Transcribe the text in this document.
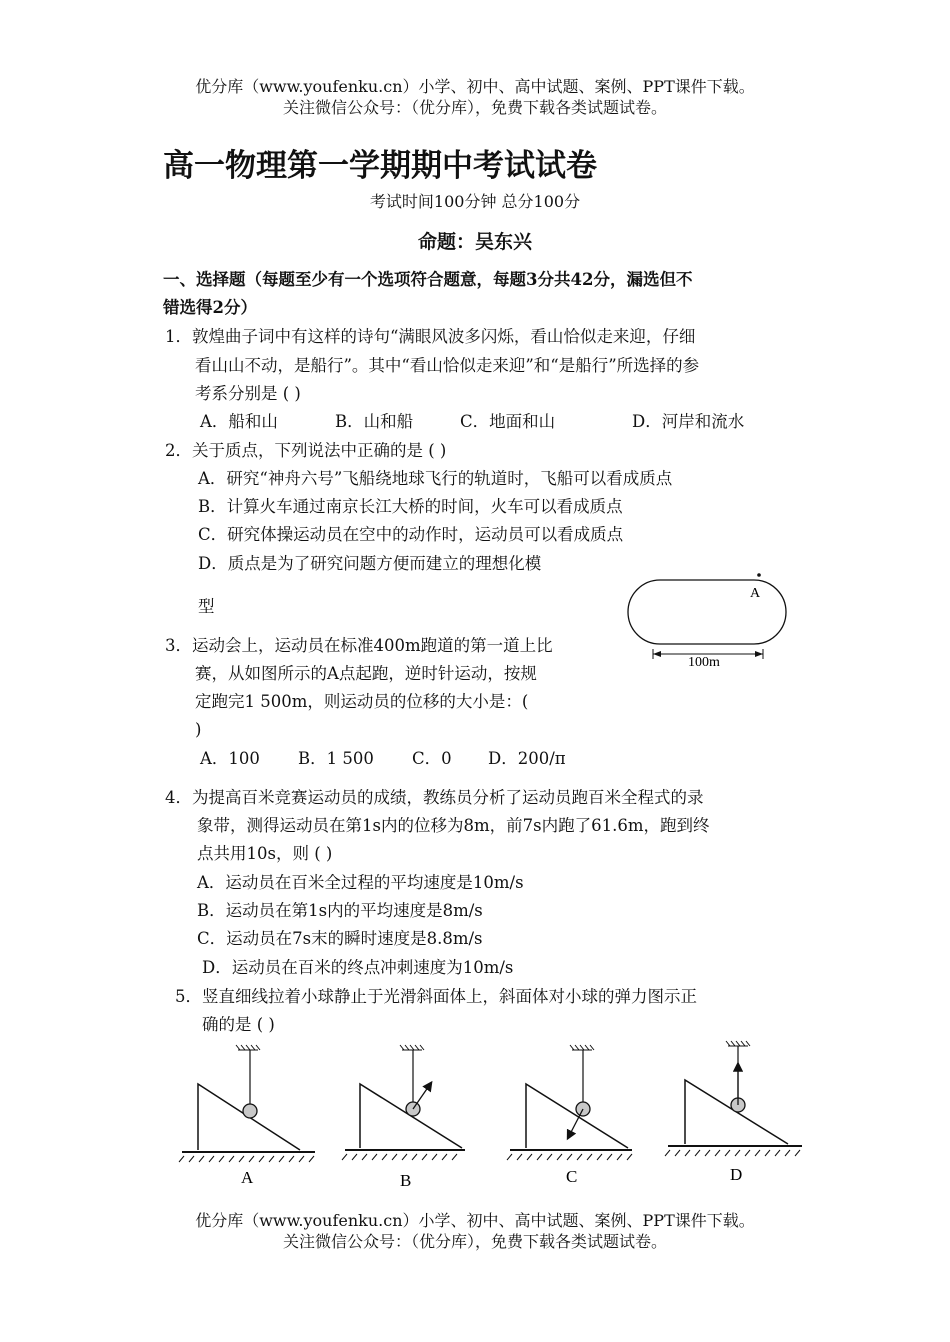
优分库（www.youfenku.cn）小学、初中、高中试题、案例、PPT课件下载。
关注微信公众号：（优分库），免费下载各类试题试卷。
高一物理第一学期期中考试试卷
考试时间100分钟 总分100分
命题：吴东兴
一、选择题（每题至少有一个选项符合题意，每题3分共42分，漏选但不
错选得2分）
1．敦煌曲子词中有这样的诗句“满眼风波多闪烁，看山恰似走来迎，仔细
看山山不动，是船行”。其中“看山恰似走来迎”和“是船行”所选择的参
考系分别是 ( )
A．船和山	B．山和船	C．地面和山	D．河岸和流水
2．关于质点，下列说法中正确的是 ( )
A．研究“神舟六号”飞船绕地球飞行的轨道时，飞船可以看成质点
B．计算火车通过南京长江大桥的时间，火车可以看成质点
C．研究体操运动员在空中的动作时，运动员可以看成质点
D．质点是为了研究问题方便而建立的理想化模
型
3．运动会上，运动员在标准400m跑道的第一道上比
赛，从如图所示的A点起跑，逆时针运动，按规
定跑完1 500m，则运动员的位移的大小是：(
)
A．100 B．1 500 C．0 D．200/π
A
100m
4．为提高百米竞赛运动员的成绩，教练员分析了运动员跑百米全程式的录
象带，测得运动员在第1s内的位移为8m，前7s内跑了61.6m，跑到终
点共用10s，则 ( )
A．运动员在百米全过程的平均速度是10m/s
B．运动员在第1s内的平均速度是8m/s
C．运动员在7s末的瞬时速度是8.8m/s
D．运动员在百米的终点冲刺速度为10m/s
5．竖直细线拉着小球静止于光滑斜面体上，斜面体对小球的弹力图示正
确的是 ( )
A	B	C	D
优分库（www.youfenku.cn）小学、初中、高中试题、案例、PPT课件下载。
关注微信公众号：（优分库），免费下载各类试题试卷。
